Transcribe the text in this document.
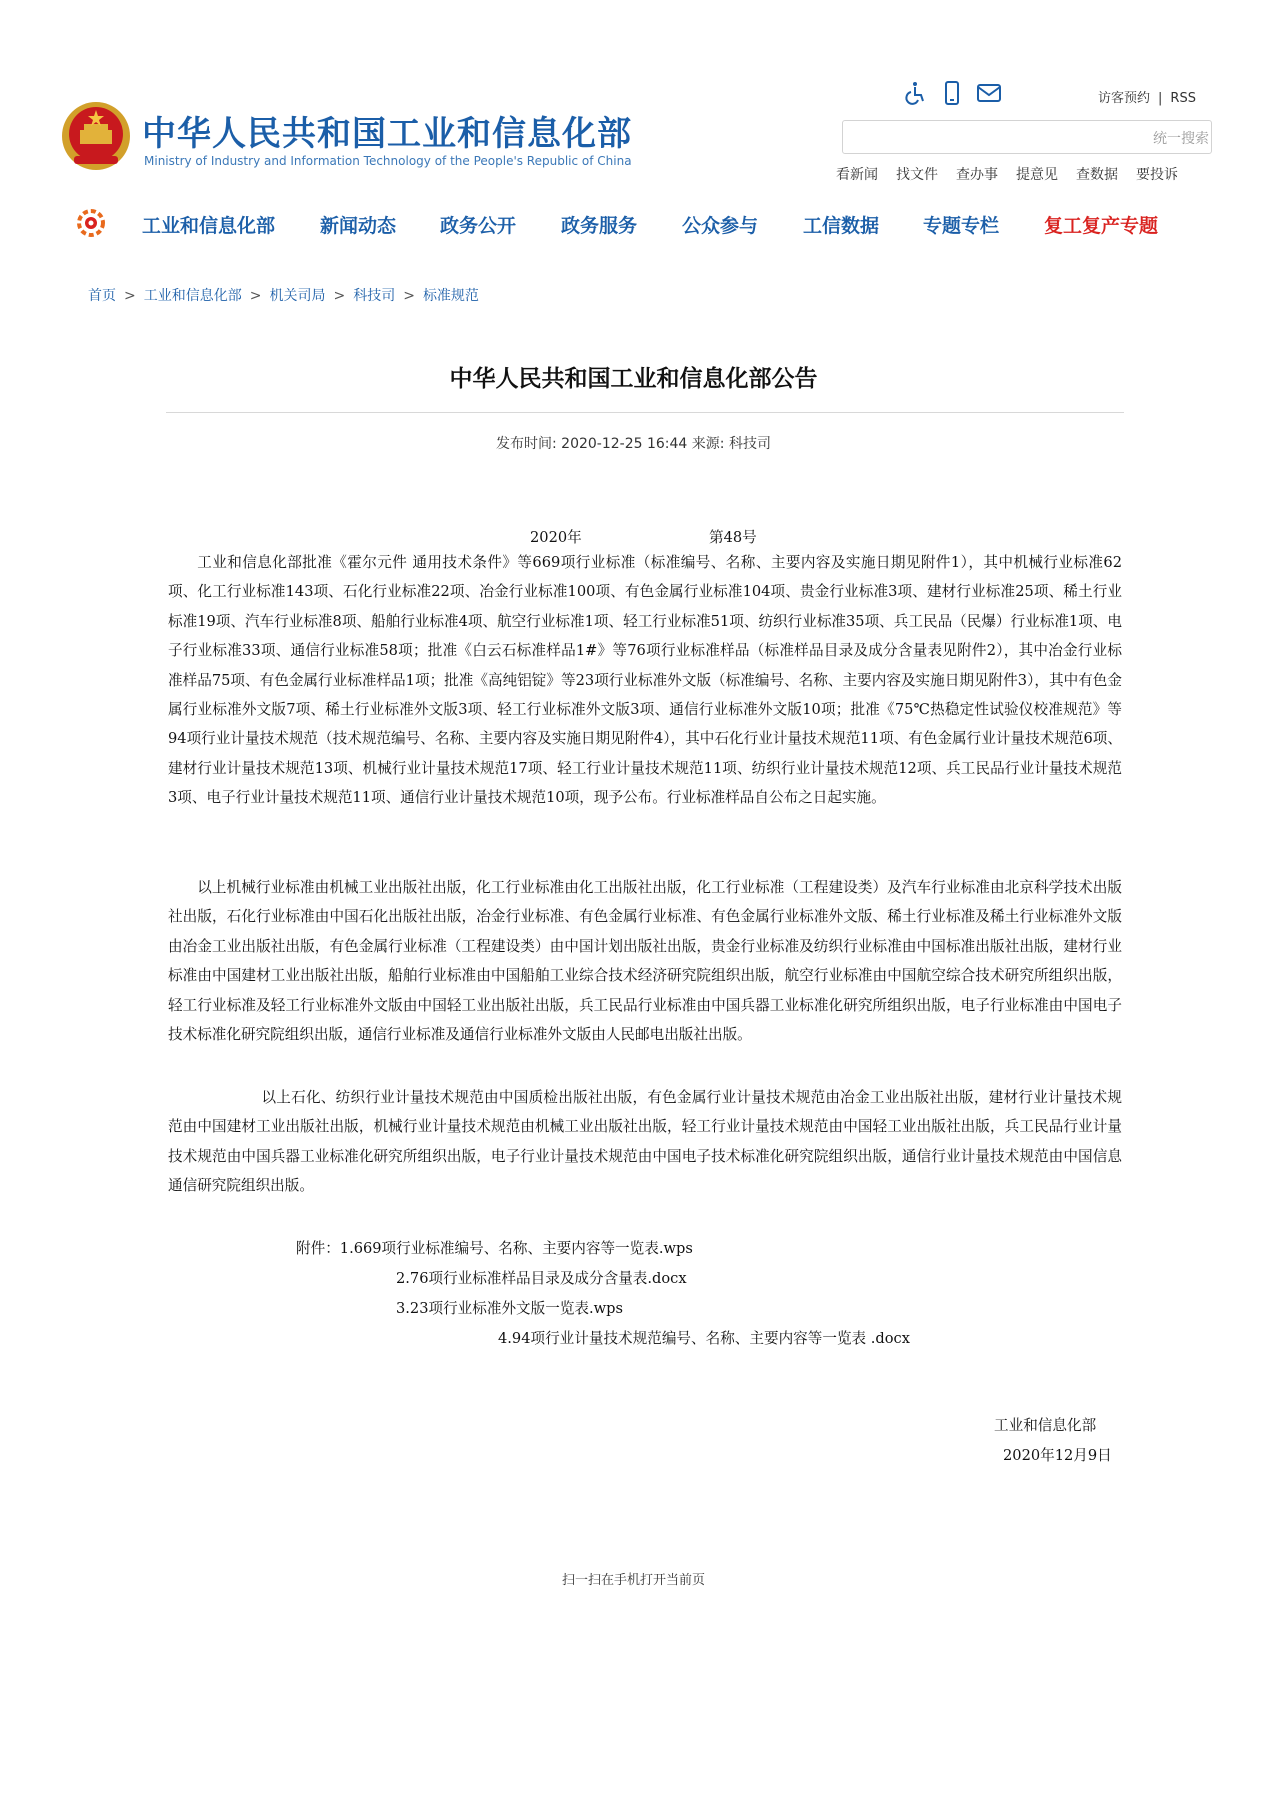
中华人民共和国工业和信息化部
Ministry of Industry and Information Technology of the People's Republic of China
访客预约 | RSS
统一搜索
看新闻 找文件 查办事 提意见 查数据 要投诉
工业和信息化部 新闻动态 政务公开 政务服务 公众参与 工信数据 专题专栏 复工复产专题
首页 > 工业和信息化部 > 机关司局 > 科技司 > 标准规范
中华人民共和国工业和信息化部公告
发布时间: 2020-12-25 16:44 来源: 科技司
2020年	第48号
工业和信息化部批准《霍尔元件 通用技术条件》等669项行业标准（标准编号、名称、主要内容及实施日期见附件1），其中机械行业标准62项、化工行业标准143项、石化行业标准22项、冶金行业标准100项、有色金属行业标准104项、贵金行业标准3项、建材行业标准25项、稀土行业标准19项、汽车行业标准8项、船舶行业标准4项、航空行业标准1项、轻工行业标准51项、纺织行业标准35项、兵工民品（民爆）行业标准1项、电子行业标准33项、通信行业标准58项；批准《白云石标准样品1#》等76项行业标准样品（标准样品目录及成分含量表见附件2），其中冶金行业标准样品75项、有色金属行业标准样品1项；批准《高纯铝锭》等23项行业标准外文版（标准编号、名称、主要内容及实施日期见附件3），其中有色金属行业标准外文版7项、稀土行业标准外文版3项、轻工行业标准外文版3项、通信行业标准外文版10项；批准《75℃热稳定性试验仪校准规范》等94项行业计量技术规范（技术规范编号、名称、主要内容及实施日期见附件4），其中石化行业计量技术规范11项、有色金属行业计量技术规范6项、建材行业计量技术规范13项、机械行业计量技术规范17项、轻工行业计量技术规范11项、纺织行业计量技术规范12项、兵工民品行业计量技术规范3项、电子行业计量技术规范11项、通信行业计量技术规范10项，现予公布。行业标准样品自公布之日起实施。
以上机械行业标准由机械工业出版社出版，化工行业标准由化工出版社出版，化工行业标准（工程建设类）及汽车行业标准由北京科学技术出版社出版，石化行业标准由中国石化出版社出版，冶金行业标准、有色金属行业标准、有色金属行业标准外文版、稀土行业标准及稀土行业标准外文版由冶金工业出版社出版，有色金属行业标准（工程建设类）由中国计划出版社出版，贵金行业标准及纺织行业标准由中国标准出版社出版，建材行业标准由中国建材工业出版社出版，船舶行业标准由中国船舶工业综合技术经济研究院组织出版，航空行业标准由中国航空综合技术研究所组织出版，轻工行业标准及轻工行业标准外文版由中国轻工业出版社出版，兵工民品行业标准由中国兵器工业标准化研究所组织出版，电子行业标准由中国电子技术标准化研究院组织出版，通信行业标准及通信行业标准外文版由人民邮电出版社出版。
以上石化、纺织行业计量技术规范由中国质检出版社出版，有色金属行业计量技术规范由冶金工业出版社出版，建材行业计量技术规范由中国建材工业出版社出版，机械行业计量技术规范由机械工业出版社出版，轻工行业计量技术规范由中国轻工业出版社出版，兵工民品行业计量技术规范由中国兵器工业标准化研究所组织出版，电子行业计量技术规范由中国电子技术标准化研究院组织出版，通信行业计量技术规范由中国信息通信研究院组织出版。
附件：1.669项行业标准编号、名称、主要内容等一览表.wps
2.76项行业标准样品目录及成分含量表.docx
3.23项行业标准外文版一览表.wps
4.94项行业计量技术规范编号、名称、主要内容等一览表 .docx
工业和信息化部
2020年12月9日
扫一扫在手机打开当前页
